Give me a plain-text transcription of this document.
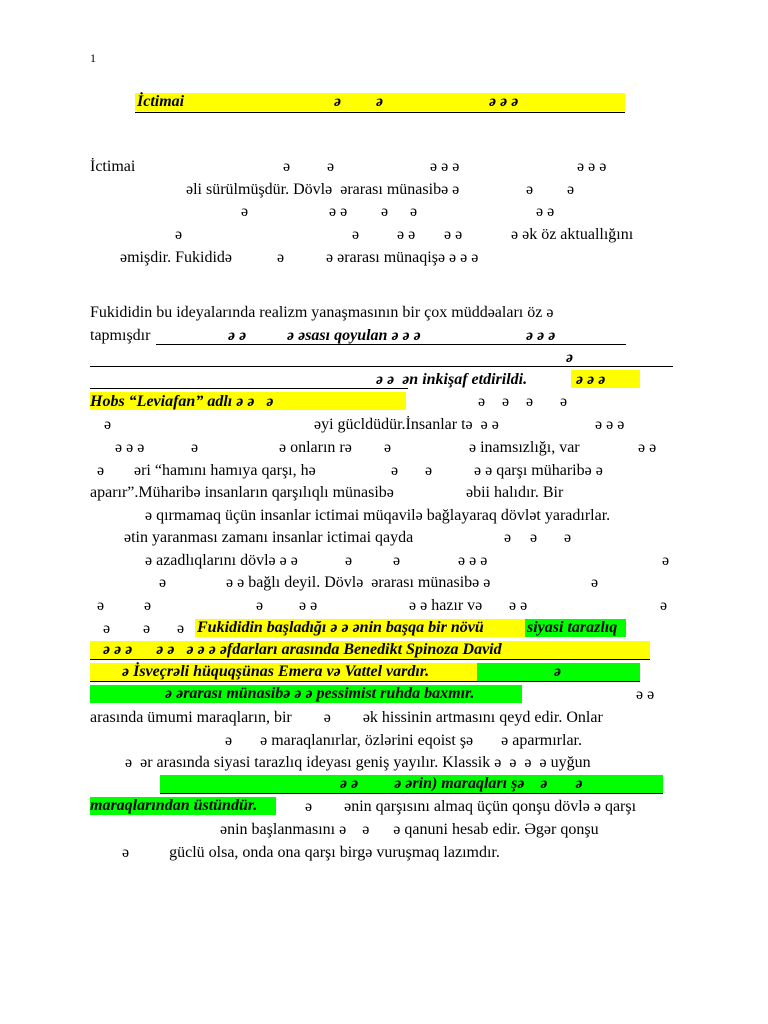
1
İctimai	ə ə	ə ə ə
İctimai	ə ə	ə ə ə	ə ə ə
əli sürülmüşdür. Dövlə  ərarası münasibə ə	ə ə
ə	ə ə ə ə	ə ə
ə	ə ə ə ə ə	ə ək öz aktuallığını
əmişdir. Fukididə	ə	ə ərarası münaqişə ə ə ə
Fukididin bu ideyalarında realizm yanaşmasının bir çox müddəaları öz ə
tapmışdır	ə ə	ə əsası qoyulan ə ə ə	ə ə ə
ə
ə ə  ən inkişaf etdirildi.	ə ə ə
Hobs “Leviafan” adlı ə ə   ə	ə ə ə ə
ə	əyi gücldüdür.İnsanlar tə  ə ə	ə ə ə
ə ə ə	ə	ə onların rə ə	ə inamsızlığı, var	ə ə
ə əri “hamını hamıya qarşı, hə	ə ə	ə ə qarşı müharibə ə
aparır”.Müharibə insanların qarşılıqlı münasibə	əbii halıdır. Bir
ə qırmamaq üçün insanlar ictimai müqavilə bağlayaraq dövlət yaradırlar.
ətin yaranması zamanı insanlar ictimai qayda	ə ə ə
ə azadlıqlarını dövlə ə ə	ə	ə	ə ə ə	ə
ə	ə ə bağlı deyil. Dövlə  ərarası münasibə ə	ə
ə ə	ə ə ə	ə ə hazır və ə ə	ə
ə ə ə Fukididin başladığı ə ə ənin başqa bir növü	siyasi tarazlıq
ə ə ə      ə ə   ə ə ə əfdarları arasında Benedikt Spinoza David
ə İsveçrəli hüquqşünas Emera və Vattel vardır.	ə
ə ərarası münasibə ə ə pessimist ruhda baxmır.	ə ə
arasında ümumi maraqların, bir        ə        ək hissinin artmasını qeyd edir. Onlar
ə       ə maraqlanırlar, özlərini eqoist şə       ə aparmırlar.
ə  ər arasında siyasi tarazlıq ideyası geniş yayılır. Klassik ə  ə  ə  ə uyğun
ə ə         ə ərin) maraqları şə    ə       ə
maraqlarından üstündür.	ə        ənin qarşısını almaq üçün qonşu dövlə ə qarşı
ənin başlanmasını ə    ə      ə qanuni hesab edir. Əgər qonşu
ə          güclü olsa, onda ona qarşı birgə vuruşmaq lazımdır.
